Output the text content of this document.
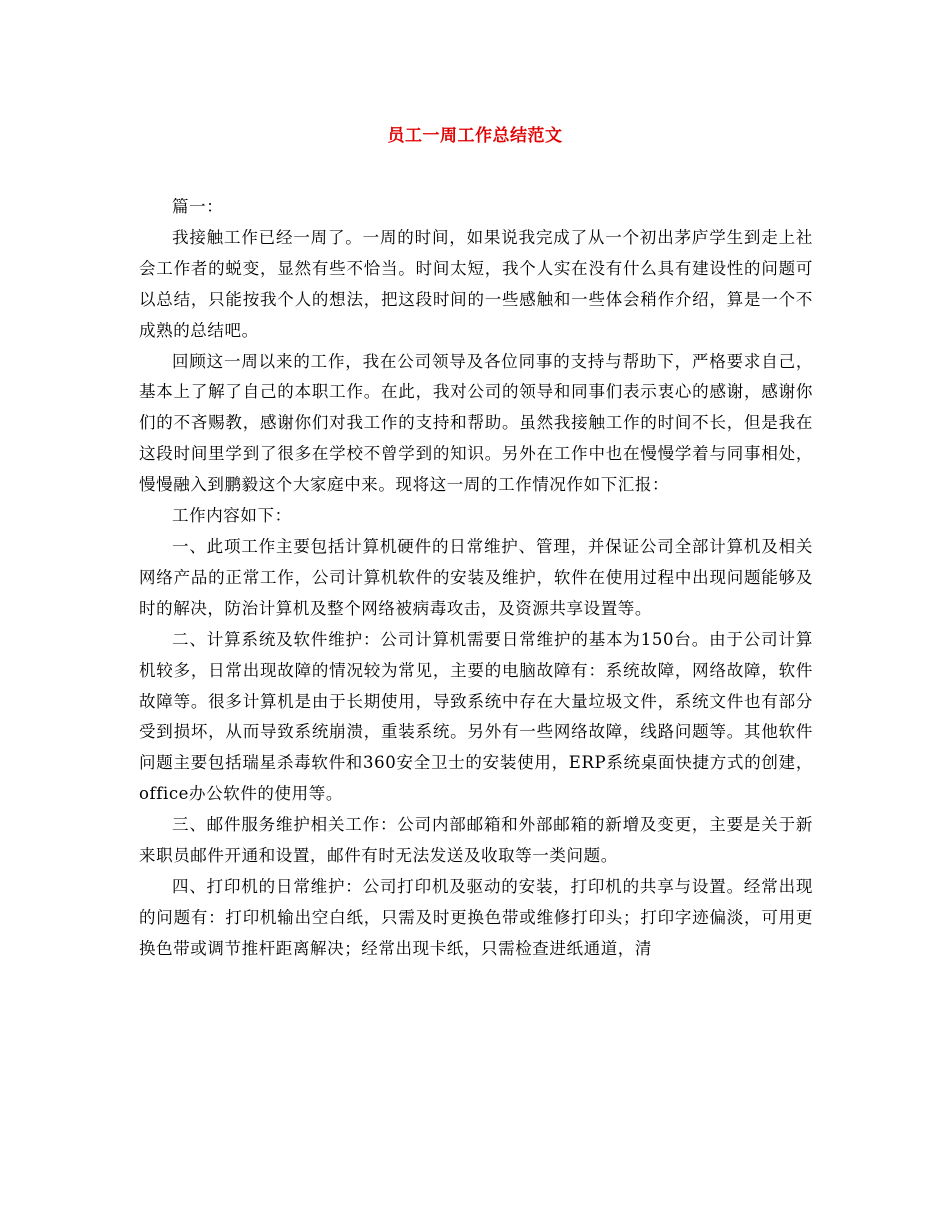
员工一周工作总结范文

篇一：

我接触工作已经一周了。一周的时间，如果说我完成了从一个初出茅庐学生到走上社会工作者的蜕变，显然有些不恰当。时间太短，我个人实在没有什么具有建设性的问题可以总结，只能按我个人的想法，把这段时间的一些感触和一些体会稍作介绍，算是一个不成熟的总结吧。

回顾这一周以来的工作，我在公司领导及各位同事的支持与帮助下，严格要求自己，基本上了解了自己的本职工作。在此，我对公司的领导和同事们表示衷心的感谢，感谢你们的不吝赐教，感谢你们对我工作的支持和帮助。虽然我接触工作的时间不长，但是我在这段时间里学到了很多在学校不曾学到的知识。另外在工作中也在慢慢学着与同事相处，慢慢融入到鹏毅这个大家庭中来。现将这一周的工作情况作如下汇报：

工作内容如下：

一、此项工作主要包括计算机硬件的日常维护、管理，并保证公司全部计算机及相关网络产品的正常工作，公司计算机软件的安装及维护，软件在使用过程中出现问题能够及时的解决，防治计算机及整个网络被病毒攻击，及资源共享设置等。

二、计算系统及软件维护：公司计算机需要日常维护的基本为150台。由于公司计算机较多，日常出现故障的情况较为常见，主要的电脑故障有：系统故障，网络故障，软件故障等。很多计算机是由于长期使用，导致系统中存在大量垃圾文件，系统文件也有部分受到损坏，从而导致系统崩溃，重装系统。另外有一些网络故障，线路问题等。其他软件问题主要包括瑞星杀毒软件和360安全卫士的安装使用，ERP系统桌面快捷方式的创建，office办公软件的使用等。

三、邮件服务维护相关工作：公司内部邮箱和外部邮箱的新增及变更，主要是关于新来职员邮件开通和设置，邮件有时无法发送及收取等一类问题。

四、打印机的日常维护：公司打印机及驱动的安装，打印机的共享与设置。经常出现的问题有：打印机输出空白纸，只需及时更换色带或维修打印头；打印字迹偏淡，可用更换色带或调节推杆距离解决；经常出现卡纸，只需检查进纸通道，清
